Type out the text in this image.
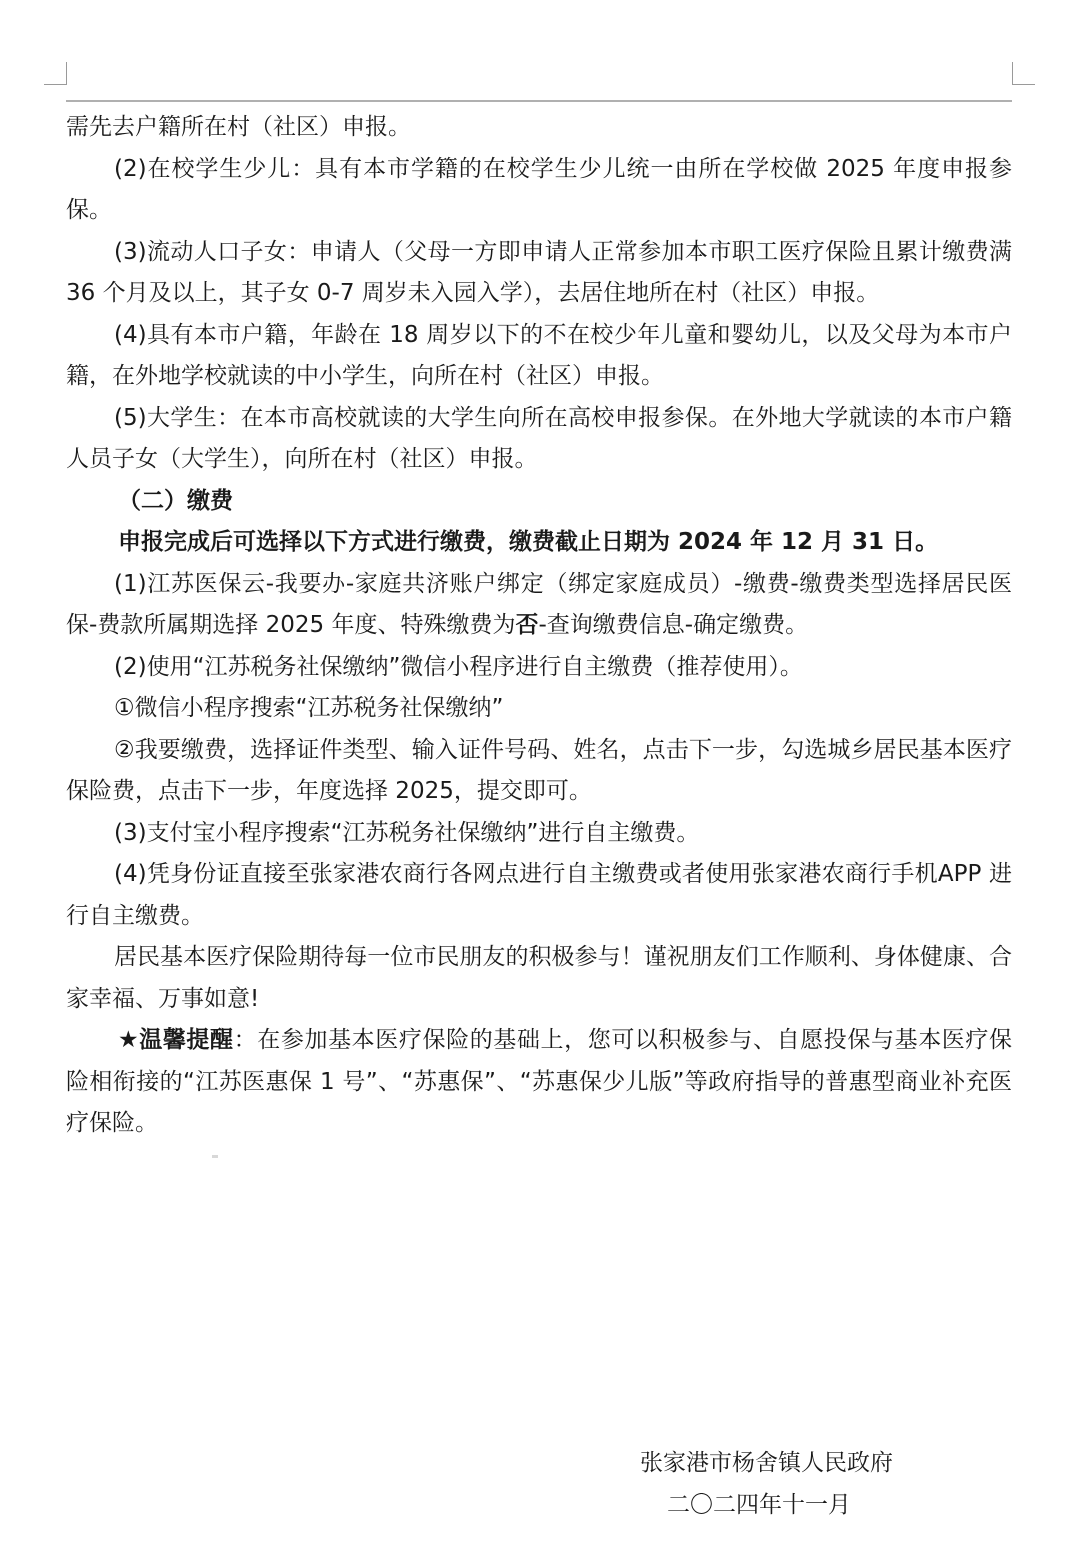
需先去户籍所在村（社区）申报。

(2)在校学生少儿：具有本市学籍的在校学生少儿统一由所在学校做 2025 年度申报参保。

(3)流动人口子女：申请人（父母一方即申请人正常参加本市职工医疗保险且累计缴费满 36 个月及以上，其子女 0-7 周岁未入园入学），去居住地所在村（社区）申报。

(4)具有本市户籍，年龄在 18 周岁以下的不在校少年儿童和婴幼儿，以及父母为本市户籍，在外地学校就读的中小学生，向所在村（社区）申报。

(5)大学生：在本市高校就读的大学生向所在高校申报参保。在外地大学就读的本市户籍人员子女（大学生），向所在村（社区）申报。

（二）缴费

申报完成后可选择以下方式进行缴费，缴费截止日期为 2024 年 12 月 31 日。

(1)江苏医保云-我要办-家庭共济账户绑定（绑定家庭成员）-缴费-缴费类型选择居民医保-费款所属期选择 2025 年度、特殊缴费为否-查询缴费信息-确定缴费。

(2)使用“江苏税务社保缴纳”微信小程序进行自主缴费（推荐使用）。

①微信小程序搜索“江苏税务社保缴纳”

②我要缴费，选择证件类型、输入证件号码、姓名，点击下一步，勾选城乡居民基本医疗保险费，点击下一步，年度选择 2025，提交即可。

(3)支付宝小程序搜索“江苏税务社保缴纳”进行自主缴费。

(4)凭身份证直接至张家港农商行各网点进行自主缴费或者使用张家港农商行手机APP 进行自主缴费。

居民基本医疗保险期待每一位市民朋友的积极参与！谨祝朋友们工作顺利、身体健康、合家幸福、万事如意!

★温馨提醒：在参加基本医疗保险的基础上，您可以积极参与、自愿投保与基本医疗保险相衔接的“江苏医惠保 1 号”、“苏惠保”、“苏惠保少儿版”等政府指导的普惠型商业补充医疗保险。

张家港市杨舍镇人民政府
二〇二四年十一月
